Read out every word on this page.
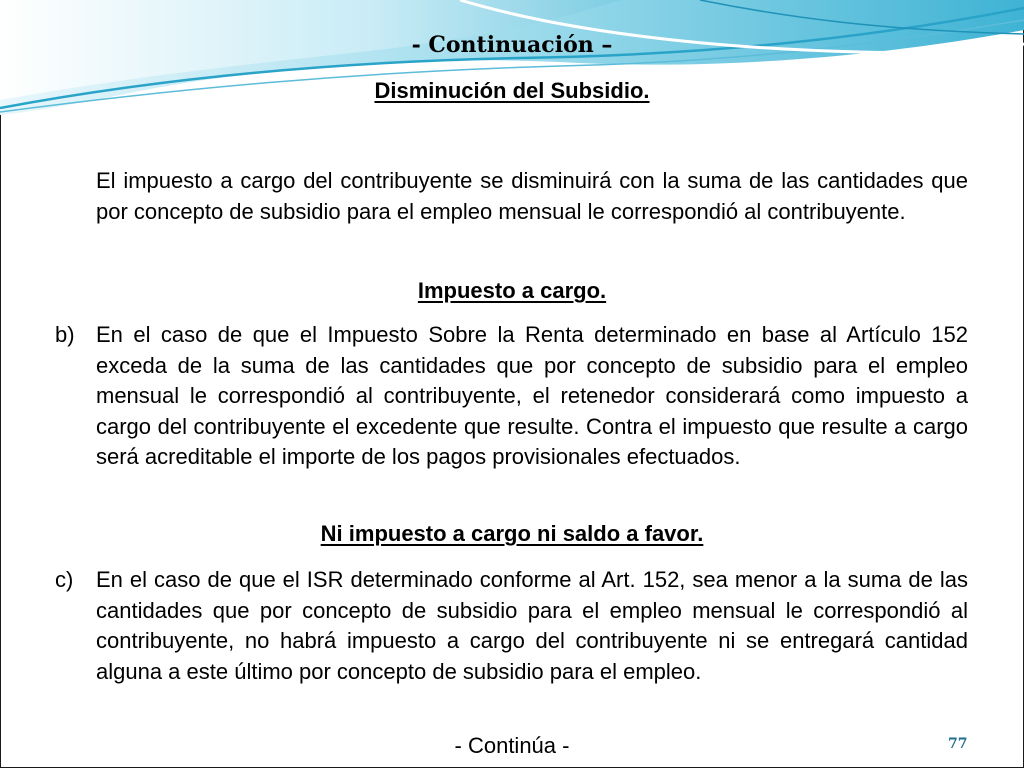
- Continuación –
Disminución del Subsidio.
El impuesto a cargo del contribuyente se disminuirá con la suma de las cantidades que por concepto de subsidio para el empleo mensual le correspondió al contribuyente.
Impuesto a cargo.
b) En el caso de que el Impuesto Sobre la Renta determinado en base al Artículo 152 exceda de la suma de las cantidades que por concepto de subsidio para el empleo mensual le correspondió al contribuyente, el retenedor considerará como impuesto a cargo del contribuyente el excedente que resulte. Contra el impuesto que resulte a cargo será acreditable el importe de los pagos provisionales efectuados.
Ni impuesto a cargo ni saldo a favor.
c) En el caso de que el ISR determinado conforme al Art. 152, sea menor a la suma de las cantidades que por concepto de subsidio para el empleo mensual le correspondió al contribuyente, no habrá impuesto a cargo del contribuyente ni se entregará cantidad alguna a este último por concepto de subsidio para el empleo.
- Continúa -	77
